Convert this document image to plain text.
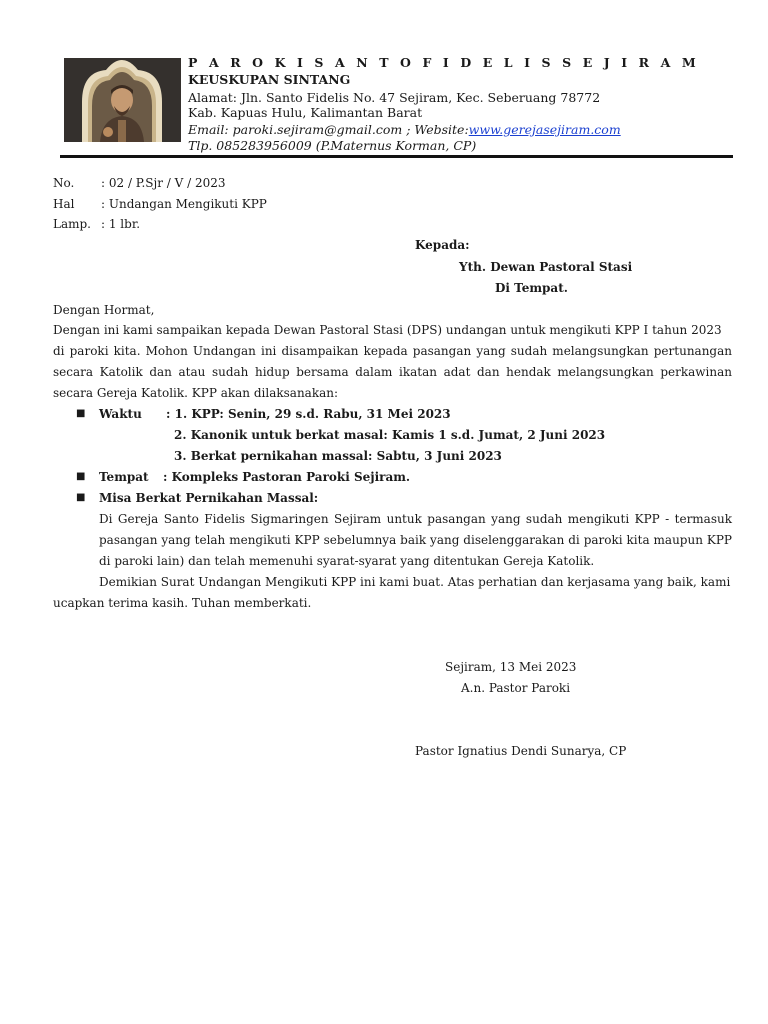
P A R O K I S A N T O F I D E L I S S E J I R A M
KEUSKUPAN SINTANG
Alamat: Jln. Santo Fidelis No. 47 Sejiram, Kec. Seberuang 78772
Kab. Kapuas Hulu, Kalimantan Barat
Email: paroki.sejiram@gmail.com ; Website:www.gerejasejiram.com
Tlp. 085283956009 (P.Maternus Korman, CP)
No. : 02 / P.Sjr / V / 2023
Hal : Undangan Mengikuti KPP
Lamp. : 1 lbr.
Kepada:
Yth. Dewan Pastoral Stasi
Di Tempat.
Dengan Hormat,
Dengan ini kami sampaikan kepada Dewan Pastoral Stasi (DPS) undangan untuk mengikuti KPP I tahun 2023
di paroki kita. Mohon Undangan ini disampaikan kepada pasangan yang sudah melangsungkan pertunangan secara Katolik dan atau sudah hidup bersama dalam ikatan adat dan hendak melangsungkan perkawinan secara Gereja Katolik. KPP akan dilaksanakan:
■ Waktu : 1. KPP: Senin, 29 s.d. Rabu, 31 Mei 2023
2. Kanonik untuk berkat masal: Kamis 1 s.d. Jumat, 2 Juni 2023
3. Berkat pernikahan massal: Sabtu, 3 Juni 2023
■ Tempat : Kompleks Pastoran Paroki Sejiram.
■ Misa Berkat Pernikahan Massal:
Di Gereja Santo Fidelis Sigmaringen Sejiram untuk pasangan yang sudah mengikuti KPP - termasuk pasangan yang telah mengikuti KPP sebelumnya baik yang diselenggarakan di paroki kita maupun KPP di paroki lain) dan telah memenuhi syarat-syarat yang ditentukan Gereja Katolik.
Demikian Surat Undangan Mengikuti KPP ini kami buat. Atas perhatian dan kerjasama yang baik, kami
ucapkan terima kasih. Tuhan memberkati.
Sejiram, 13 Mei 2023
A.n. Pastor Paroki
Pastor Ignatius Dendi Sunarya, CP
